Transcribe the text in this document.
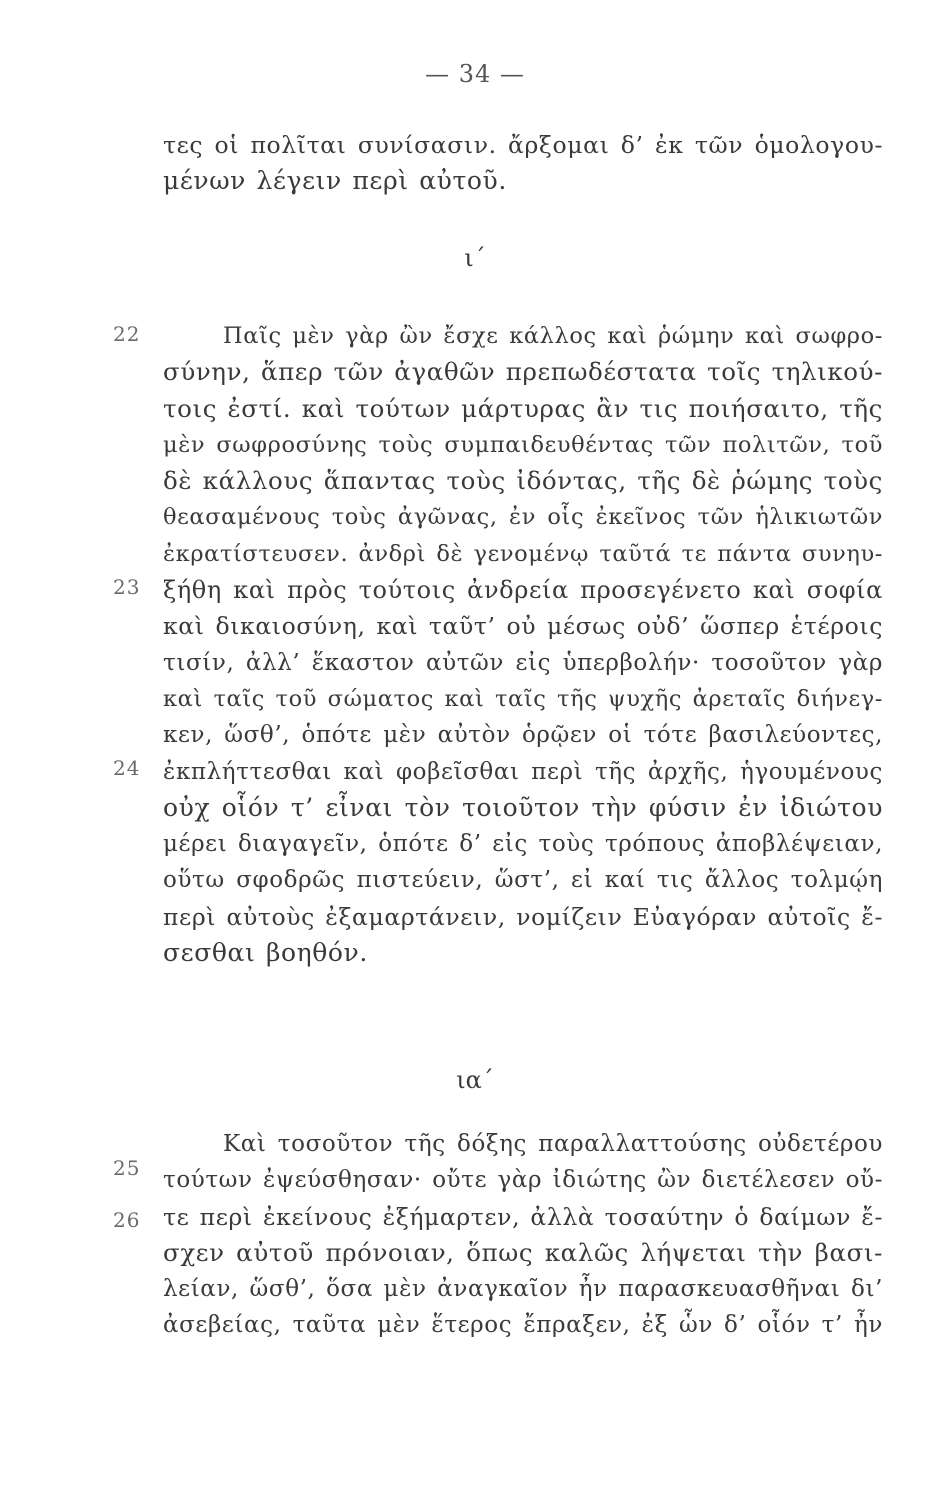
— 34 —
τες οἱ πολῖται συνίσασιν. ἄρξομαι δ’ ἐκ τῶν ὁμολογου-
μένων λέγειν περὶ αὐτοῦ.
ι΄
22
23
24
Παῖς μὲν γὰρ ὢν ἔσχε κάλλος καὶ ῥώμην καὶ σωφρο-
σύνην, ἅπερ τῶν ἀγαθῶν πρεπωδέστατα τοῖς τηλικού-
τοις ἐστί. καὶ τούτων μάρτυρας ἂν τις ποιήσαιτο, τῆς
μὲν σωφροσύνης τοὺς συμπαιδευθέντας τῶν πολιτῶν, τοῦ
δὲ κάλλους ἅπαντας τοὺς ἰδόντας, τῆς δὲ ῥώμης τοὺς
θεασαμένους τοὺς ἀγῶνας, ἐν οἷς ἐκεῖνος τῶν ἡλικιωτῶν
ἐκρατίστευσεν. ἀνδρὶ δὲ γενομένῳ ταῦτά τε πάντα συνηυ-
ξήθη καὶ πρὸς τούτοις ἀνδρεία προσεγένετο καὶ σοφία
καὶ δικαιοσύνη, καὶ ταῦτ’ οὐ μέσως οὐδ’ ὥσπερ ἑτέροις
τισίν, ἀλλ’ ἕκαστον αὐτῶν εἰς ὑπερβολήν· τοσοῦτον γὰρ
καὶ ταῖς τοῦ σώματος καὶ ταῖς τῆς ψυχῆς ἀρεταῖς διήνεγ-
κεν, ὥσθ’, ὁπότε μὲν αὐτὸν ὁρῷεν οἱ τότε βασιλεύοντες,
ἐκπλήττεσθαι καὶ φοβεῖσθαι περὶ τῆς ἀρχῆς, ἡγουμένους
οὐχ οἷόν τ’ εἶναι τὸν τοιοῦτον τὴν φύσιν ἐν ἰδιώτου
μέρει διαγαγεῖν, ὁπότε δ’ εἰς τοὺς τρόπους ἀποβλέψειαν,
οὕτω σφοδρῶς πιστεύειν, ὥστ’, εἰ καί τις ἄλλος τολμῴη
περὶ αὐτοὺς ἐξαμαρτάνειν, νομίζειν Εὐαγόραν αὐτοῖς ἔ-
σεσθαι βοηθόν.
ια΄
25
26
Καὶ τοσοῦτον τῆς δόξης παραλλαττούσης οὐδετέρου
τούτων ἐψεύσθησαν· οὔτε γὰρ ἰδιώτης ὢν διετέλεσεν οὔ-
τε περὶ ἐκείνους ἐξήμαρτεν, ἀλλὰ τοσαύτην ὁ δαίμων ἔ-
σχεν αὐτοῦ πρόνοιαν, ὅπως καλῶς λήψεται τὴν βασι-
λείαν, ὥσθ’, ὅσα μὲν ἀναγκαῖον ἦν παρασκευασθῆναι δι’
ἀσεβείας, ταῦτα μὲν ἕτερος ἔπραξεν, ἐξ ὧν δ’ οἷόν τ’ ἦν
